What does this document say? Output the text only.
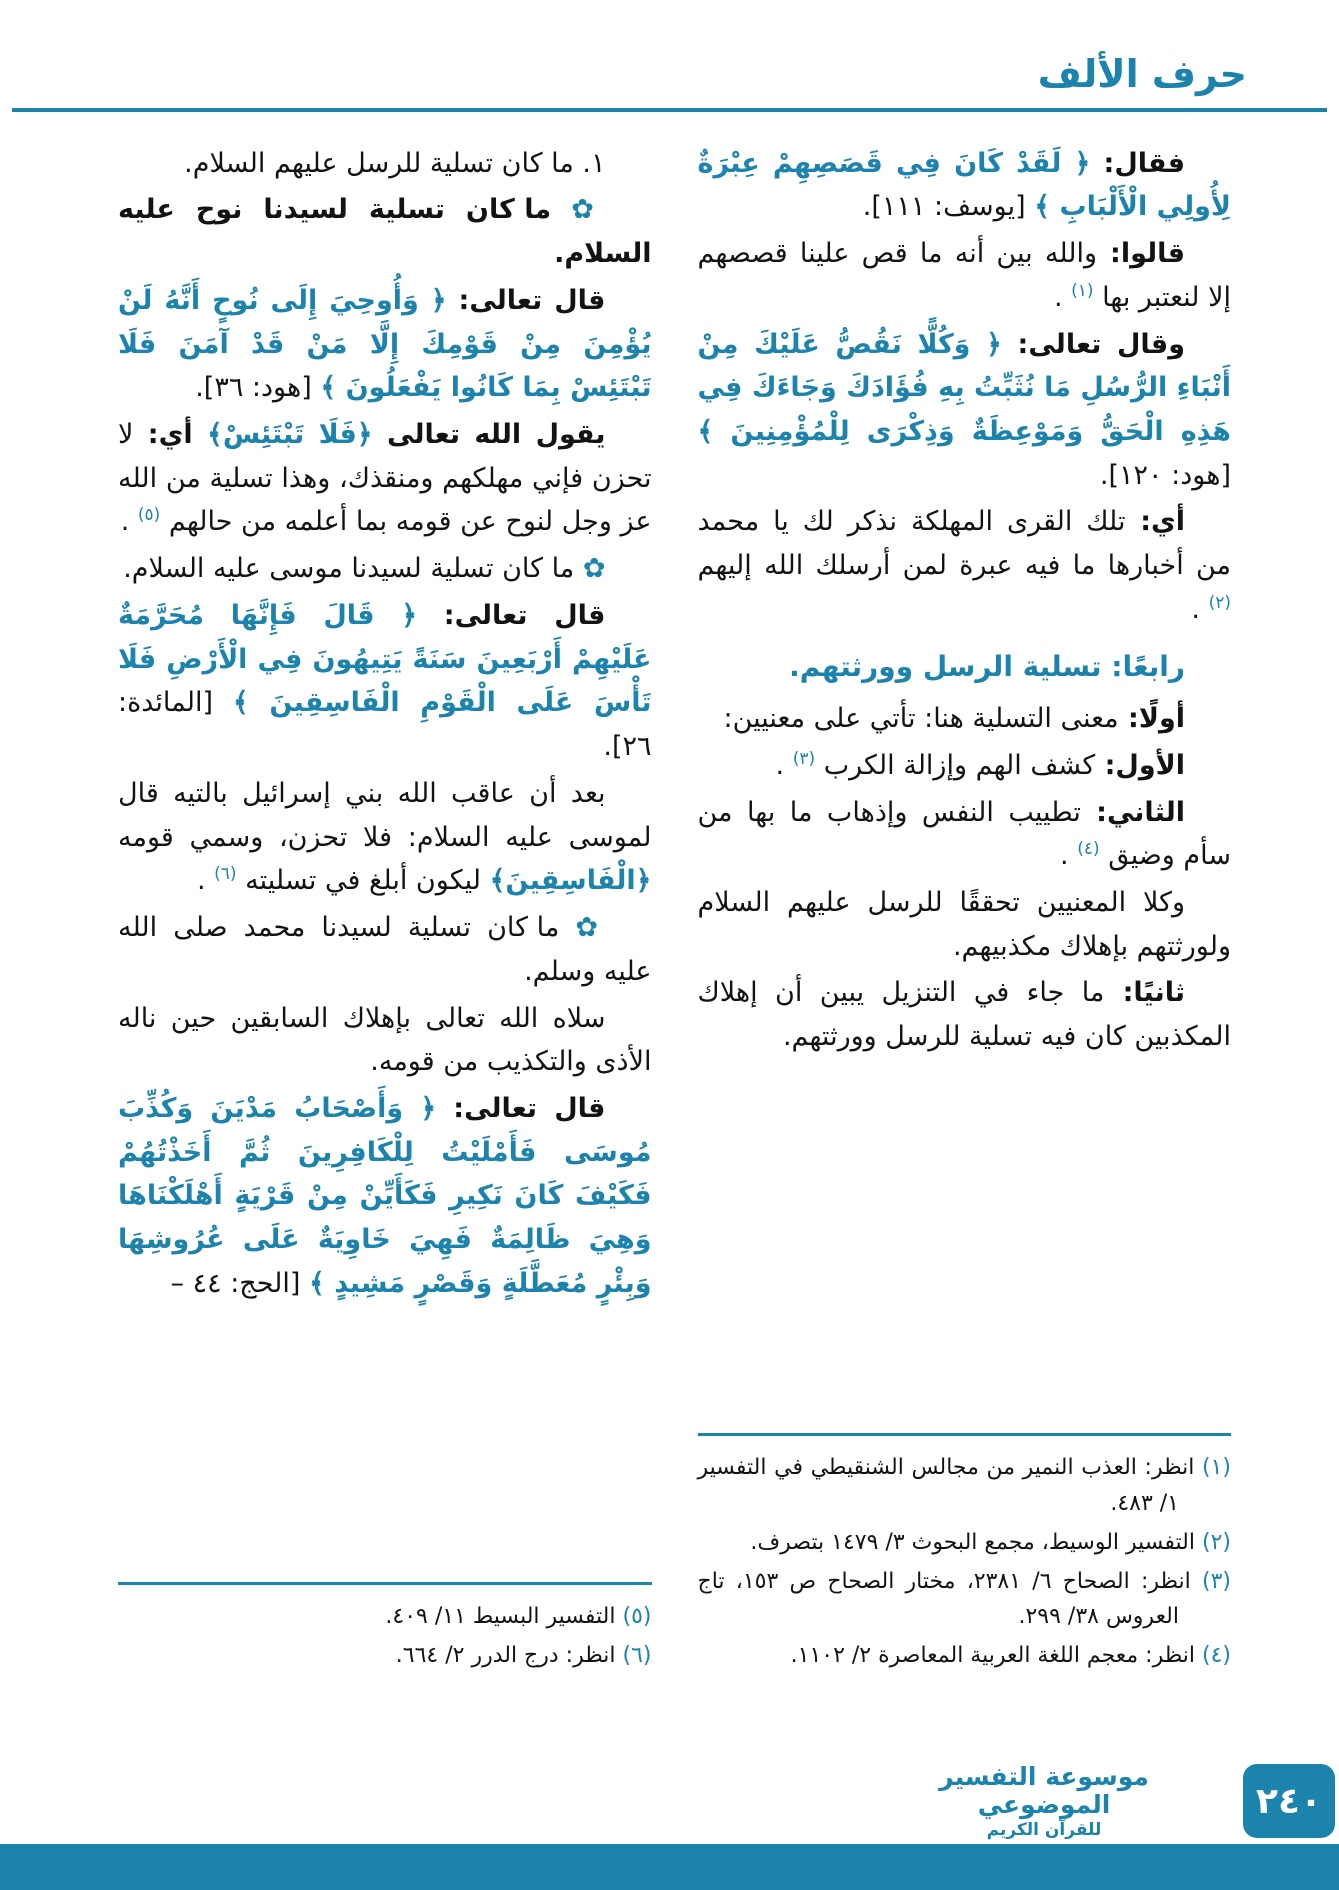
حرف الألف

فقال: ﴿ لَقَدْ كَانَ فِي قَصَصِهِمْ عِبْرَةٌ لِأُولِي الْأَلْبَابِ ﴾ [يوسف: ١١١].

قالوا: والله بين أنه ما قص علينا قصصهم إلا لنعتبر بها $^{(١)}$ .

وقال تعالى: ﴿ وَكُلًّا نَقُصُّ عَلَيْكَ مِنْ أَنْبَاءِ الرُّسُلِ مَا نُثَبِّتُ بِهِ فُؤَادَكَ وَجَاءَكَ فِي هَذِهِ الْحَقُّ وَمَوْعِظَةٌ وَذِكْرَى لِلْمُؤْمِنِينَ ﴾ [هود: ١٢٠].

أي: تلك القرى المهلكة نذكر لك يا محمد من أخبارها ما فيه عبرة لمن أرسلك الله إليهم $^{(٢)}$ .

رابعًا: تسلية الرسل وورثتهم.

أولًا: معنى التسلية هنا: تأتي على معنيين:

الأول: كشف الهم وإزالة الكرب $^{(٣)}$ .

الثاني: تطييب النفس وإذهاب ما بها من سأم وضيق $^{(٤)}$ .

وكلا المعنيين تحققًا للرسل عليهم السلام ولورثتهم بإهلاك مكذبيهم.

ثانيًا: ما جاء في التنزيل يبين أن إهلاك المكذبين كان فيه تسلية للرسل وورثتهم.

(١) انظر: العذب النمير من مجالس الشنقيطي في التفسير ١/ ٤٨٣.

(٢) التفسير الوسيط، مجمع البحوث ٣/ ١٤٧٩ بتصرف.

(٣) انظر: الصحاح ٦/ ٢٣٨١، مختار الصحاح ص ١٥٣، تاج العروس ٣٨/ ٢٩٩.

(٤) انظر: معجم اللغة العربية المعاصرة ٢/ ١١٠٢.

١. ما كان تسلية للرسل عليهم السلام.

✿ ما كان تسلية لسيدنا نوح عليه السلام.

قال تعالى: ﴿ وَأُوحِيَ إِلَى نُوحٍ أَنَّهُ لَنْ يُؤْمِنَ مِنْ قَوْمِكَ إِلَّا مَنْ قَدْ آمَنَ فَلَا تَبْتَئِسْ بِمَا كَانُوا يَفْعَلُونَ ﴾ [هود: ٣٦].

يقول الله تعالى ﴿فَلَا تَبْتَئِسْ﴾ أي: لا تحزن فإني مهلكهم ومنقذك، وهذا تسلية من الله عز وجل لنوح عن قومه بما أعلمه من حالهم $^{(٥)}$ .

✿ ما كان تسلية لسيدنا موسى عليه السلام.

قال تعالى: ﴿ قَالَ فَإِنَّهَا مُحَرَّمَةٌ عَلَيْهِمْ أَرْبَعِينَ سَنَةً يَتِيهُونَ فِي الْأَرْضِ فَلَا تَأْسَ عَلَى الْقَوْمِ الْفَاسِقِينَ ﴾ [المائدة: ٢٦].

بعد أن عاقب الله بني إسرائيل بالتيه قال لموسى عليه السلام: فلا تحزن، وسمي قومه ﴿الْفَاسِقِينَ﴾ ليكون أبلغ في تسليته $^{(٦)}$ .

✿ ما كان تسلية لسيدنا محمد صلى الله عليه وسلم.

سلاه الله تعالى بإهلاك السابقين حين ناله الأذى والتكذيب من قومه.

قال تعالى: ﴿ وَأَصْحَابُ مَدْيَنَ وَكُذِّبَ مُوسَى فَأَمْلَيْتُ لِلْكَافِرِينَ ثُمَّ أَخَذْتُهُمْ فَكَيْفَ كَانَ نَكِيرِ فَكَأَيِّنْ مِنْ قَرْيَةٍ أَهْلَكْنَاهَا وَهِيَ ظَالِمَةٌ فَهِيَ خَاوِيَةٌ عَلَى عُرُوشِهَا وَبِئْرٍ مُعَطَّلَةٍ وَقَصْرٍ مَشِيدٍ ﴾ [الحج: ٤٤ –

(٥) التفسير البسيط ١١/ ٤٠٩.

(٦) انظر: درج الدرر ٢/ ٦٦٤.

موسوعة التفسير الموضوعي
للقرآن الكريم
٢٤٠
